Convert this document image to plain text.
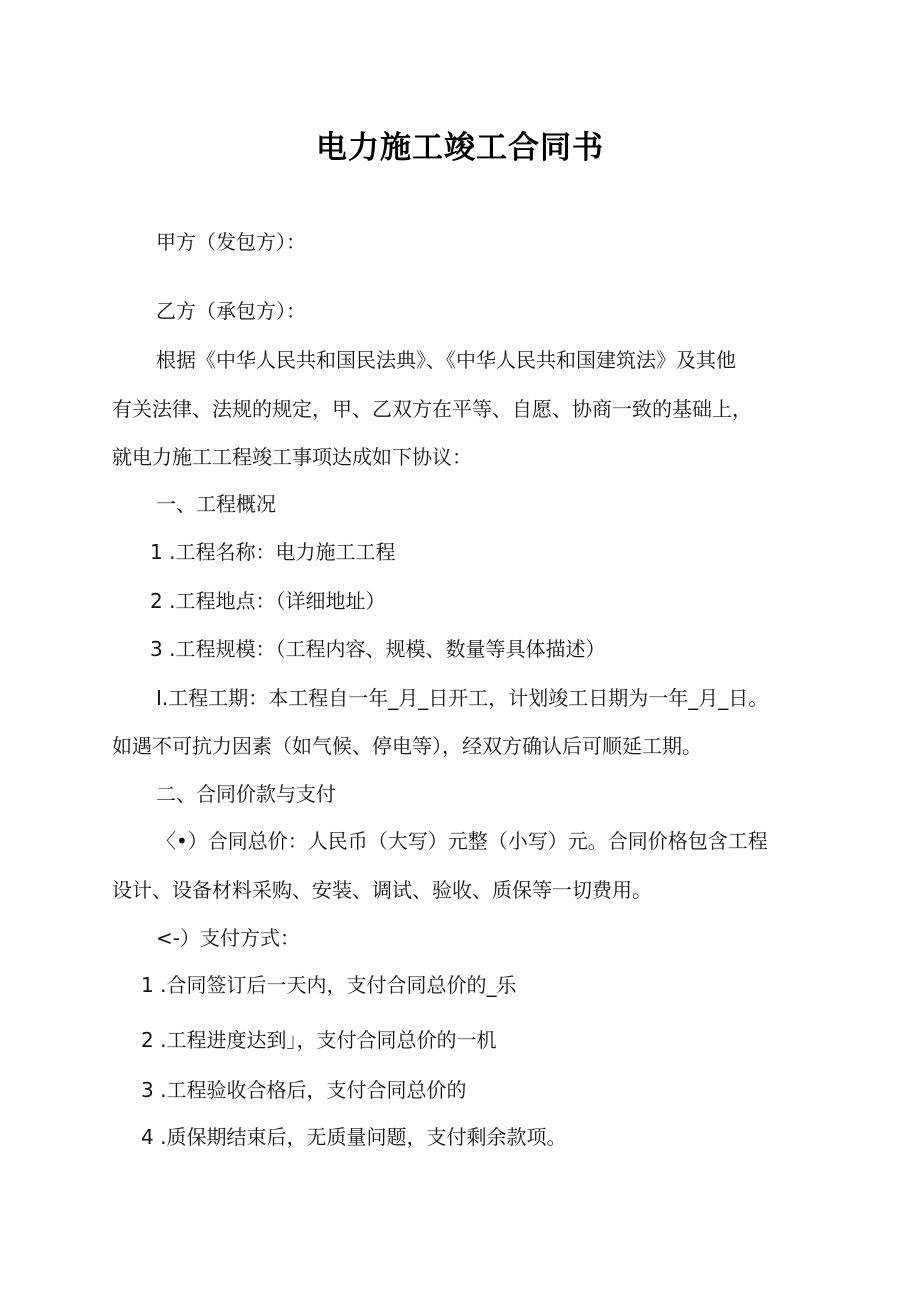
电力施工竣工合同书
甲方（发包方）：
乙方（承包方）：
根据《中华人民共和国民法典》、《中华人民共和国建筑法》及其他
有关法律、法规的规定，甲、乙双方在平等、自愿、协商一致的基础上，
就电力施工工程竣工事项达成如下协议：
一、工程概况
1 .工程名称：电力施工工程
2 .工程地点：（详细地址）
3 .工程规模：（工程内容、规模、数量等具体描述）
I.工程工期：本工程自一年_月_日开工，计划竣工日期为一年_月_日。
如遇不可抗力因素（如气候、停电等），经双方确认后可顺延工期。
二、合同价款与支付
〈•）合同总价：人民币（大写）元整（小写）元。合同价格包含工程
设计、设备材料采购、安装、调试、验收、质保等一切费用。
<-）支付方式：
1 .合同签订后一天内，支付合同总价的_乐
2 .工程进度达到」，支付合同总价的一机
3 .工程验收合格后，支付合同总价的
4 .质保期结束后，无质量问题，支付剩余款项。
